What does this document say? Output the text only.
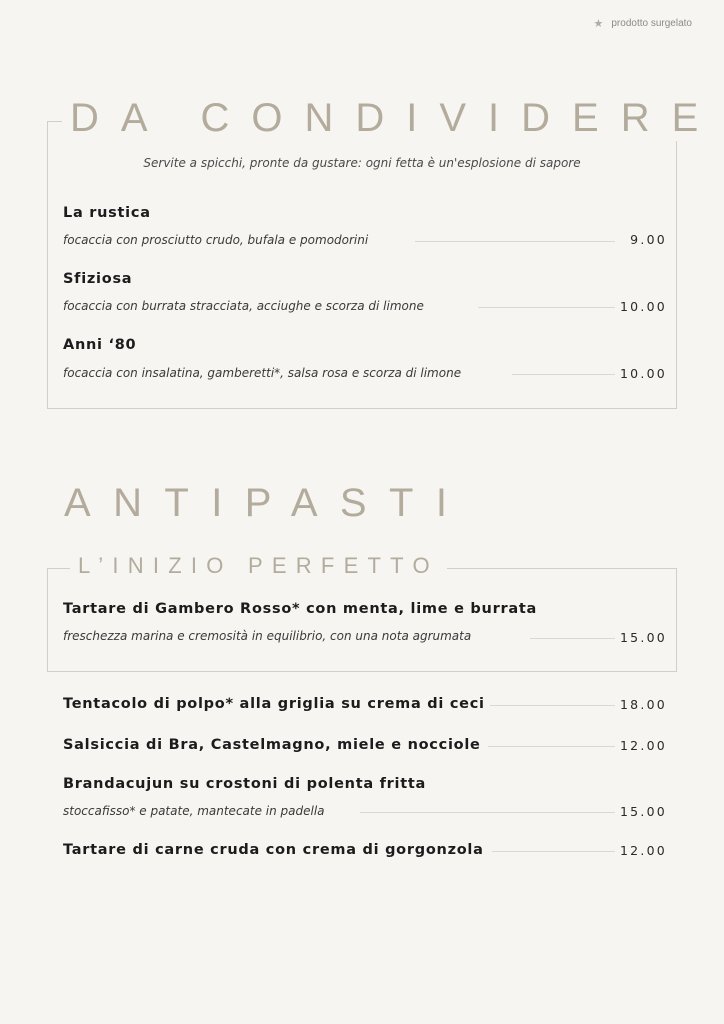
★ prodotto surgelato
Servite a spicchi, pronte da gustare: ogni fetta è un'esplosione di sapore
DA CONDIVIDERE
La rustica
focaccia con prosciutto crudo, bufala e pomodorini	9.00
Sfiziosa
focaccia con burrata stracciata, acciughe e scorza di limone	10.00
Anni ‘80
focaccia con insalatina, gamberetti*, salsa rosa e scorza di limone	10.00
ANTIPASTI
L’INIZIO PERFETTO
Tartare di Gambero Rosso* con menta, lime e burrata
freschezza marina e cremosità in equilibrio, con una nota agrumata	15.00
Tentacolo di polpo* alla griglia su crema di ceci	18.00
Salsiccia di Bra, Castelmagno, miele e nocciole	12.00
Brandacujun su crostoni di polenta fritta
stoccafisso* e patate, mantecate in padella	15.00
Tartare di carne cruda con crema di gorgonzola	12.00
